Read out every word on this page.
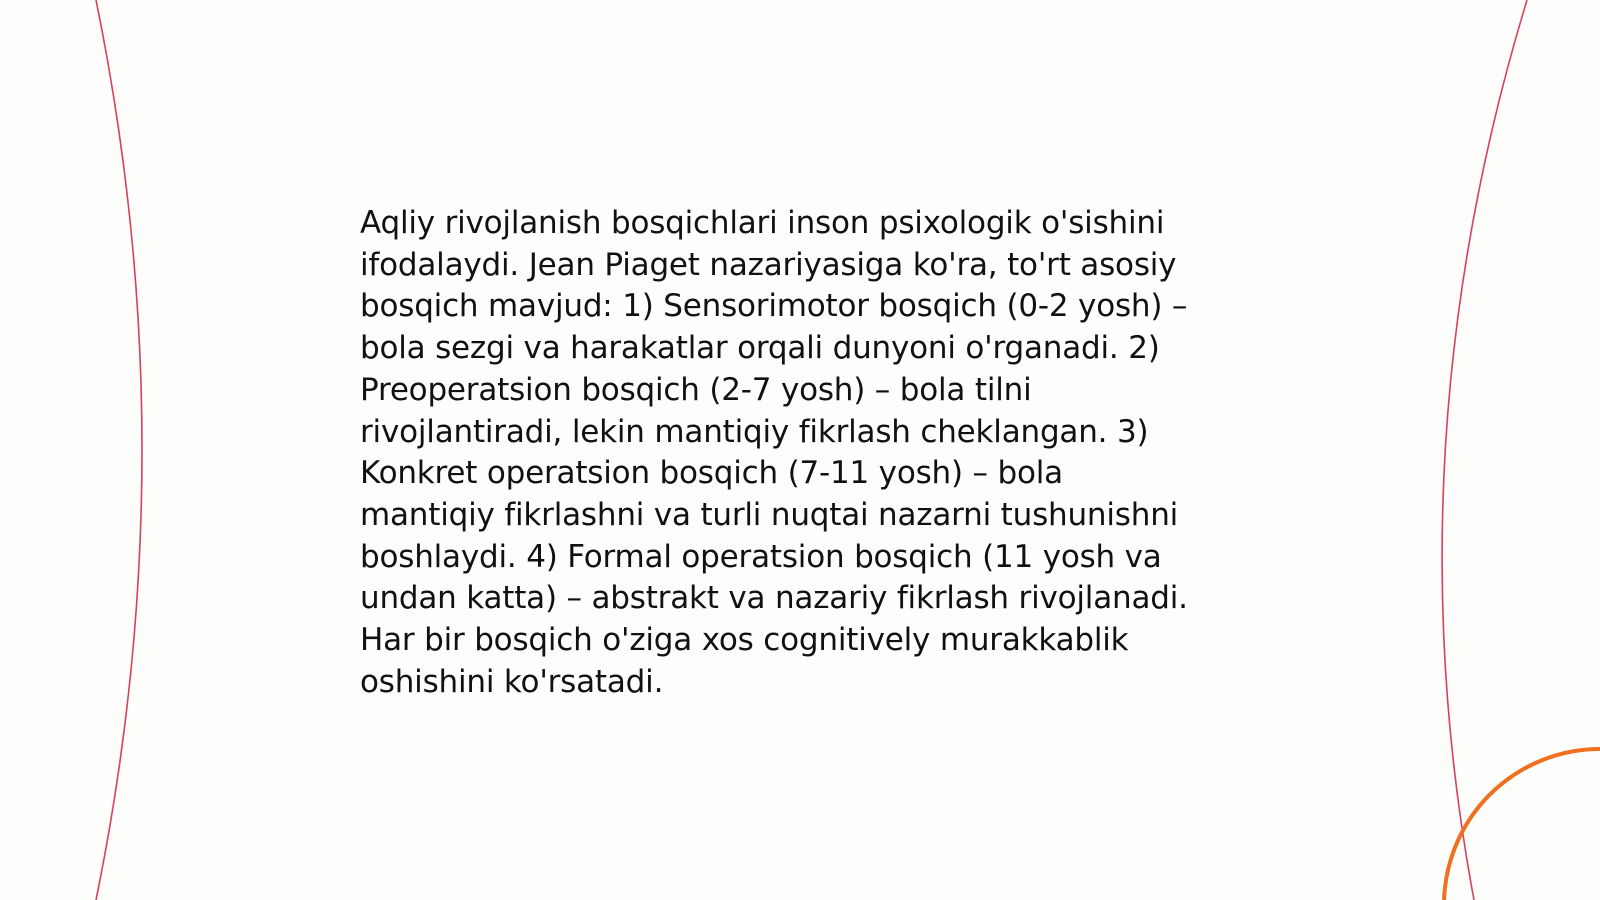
Aqliy rivojlanish bosqichlari inson psixologik o'sishini
ifodalaydi. Jean Piaget nazariyasiga ko'ra, to'rt asosiy
bosqich mavjud: 1) Sensorimotor bosqich (0-2 yosh) –
bola sezgi va harakatlar orqali dunyoni o'rganadi. 2)
Preoperatsion bosqich (2-7 yosh) – bola tilni
rivojlantiradi, lekin mantiqiy fikrlash cheklangan. 3)
Konkret operatsion bosqich (7-11 yosh) – bola
mantiqiy fikrlashni va turli nuqtai nazarni tushunishni
boshlaydi. 4) Formal operatsion bosqich (11 yosh va
undan katta) – abstrakt va nazariy fikrlash rivojlanadi.
Har bir bosqich o'ziga xos cognitively murakkablik
oshishini ko'rsatadi.
